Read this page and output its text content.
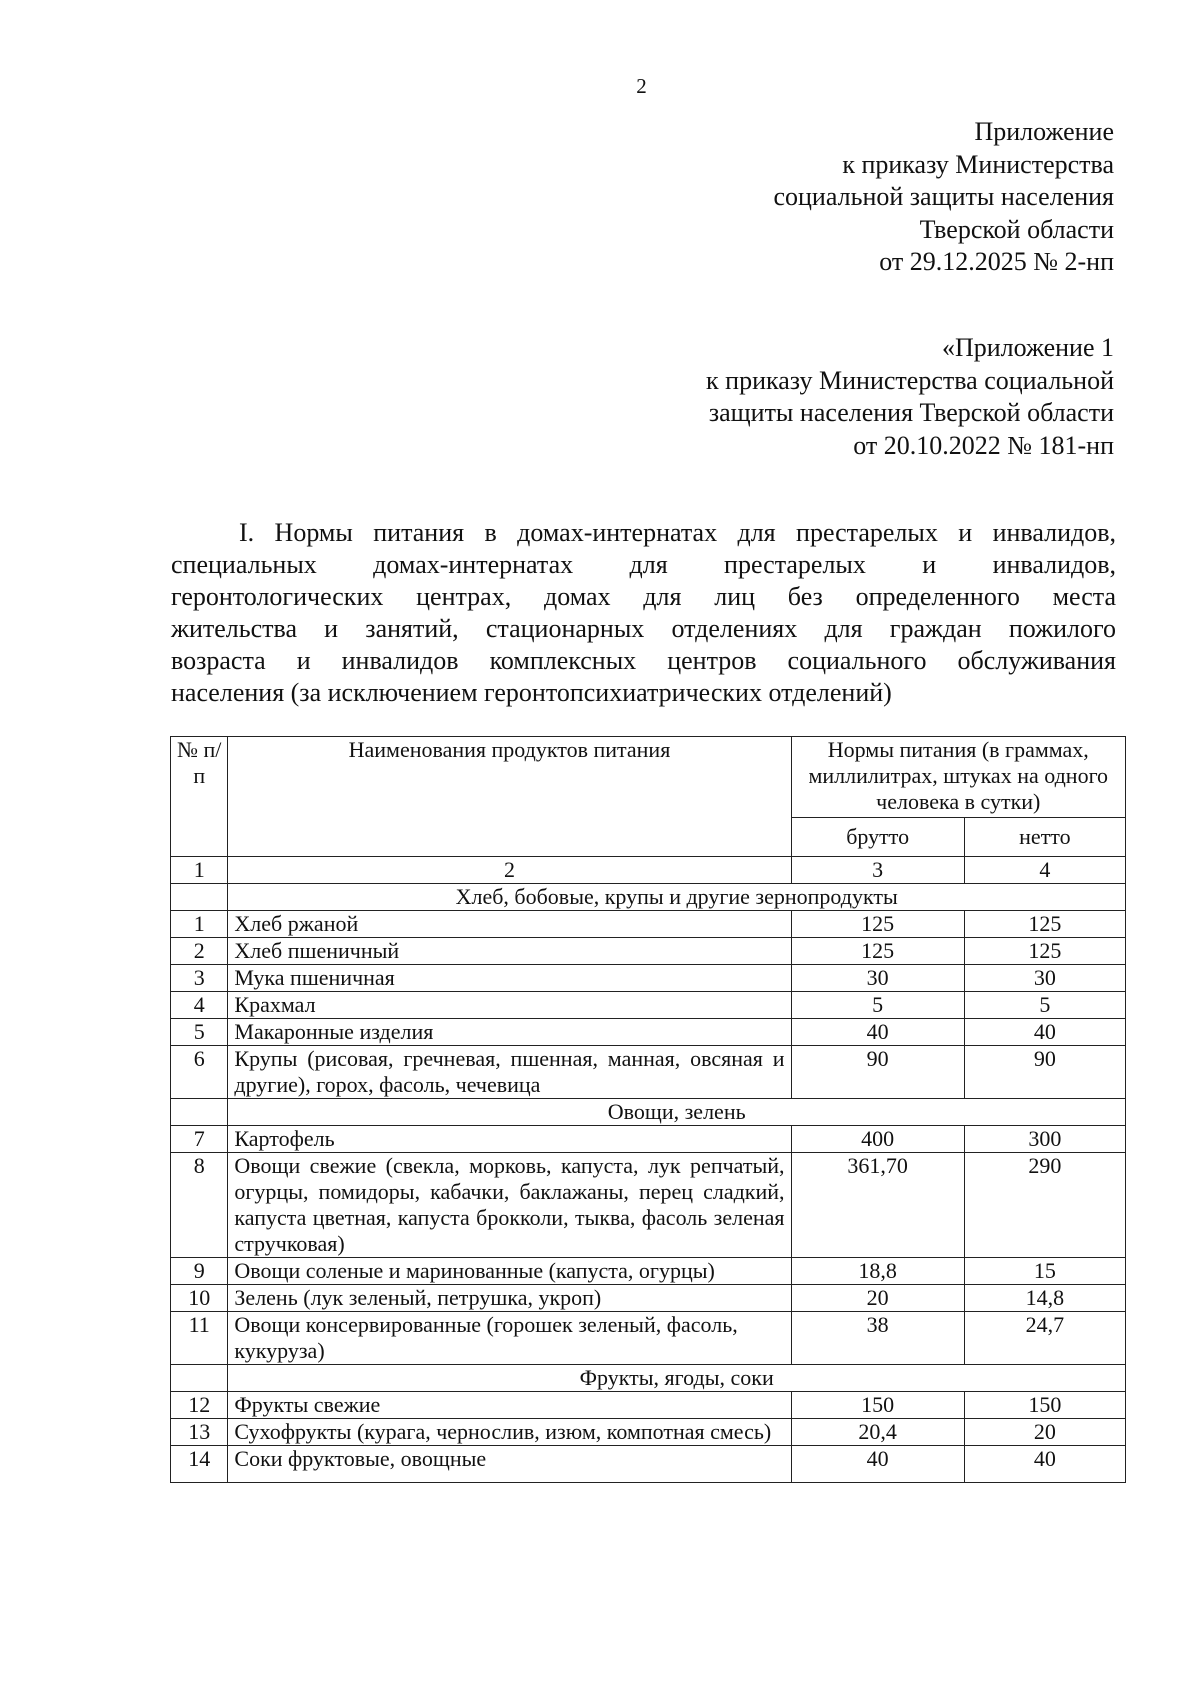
2
Приложение
к приказу Министерства
социальной защиты населения
Тверской области
от 29.12.2025 № 2-нп
«Приложение 1
к приказу Министерства социальной
защиты населения Тверской области
от 20.10.2022 № 181-нп
I. Нормы питания в домах-интернатах для престарелых и инвалидов,
специальных домах-интернатах для престарелых и инвалидов,
геронтологических центрах, домах для лиц без определенного места
жительства и занятий, стационарных отделениях для граждан пожилого
возраста и инвалидов комплексных центров социального обслуживания
населения (за исключением геронтопсихиатрических отделений)
№ п/п	Наименования продуктов питания	Нормы питания (в граммах, миллилитрах, штуках на одного человека в сутки)	
		брутто	нетто
1	2	3	4
	Хлеб, бобовые, крупы и другие зернопродукты		
1	Хлеб ржаной	125	125
2	Хлеб пшеничный	125	125
3	Мука пшеничная	30	30
4	Крахмал	5	5
5	Макаронные изделия	40	40
6	Крупы (рисовая, гречневая, пшенная, манная, овсяная и другие), горох, фасоль, чечевица	90	90
	Овощи, зелень		
7	Картофель	400	300
8	Овощи свежие (свекла, морковь, капуста, лук репчатый, огурцы, помидоры, кабачки, баклажаны, перец сладкий, капуста цветная, капуста брокколи, тыква, фасоль зеленая стручковая)	361,70	290
9	Овощи соленые и маринованные (капуста, огурцы)	18,8	15
10	Зелень (лук зеленый, петрушка, укроп)	20	14,8
11	Овощи консервированные (горошек зеленый, фасоль, кукуруза)	38	24,7
	Фрукты, ягоды, соки		
12	Фрукты свежие	150	150
13	Сухофрукты (курага, чернослив, изюм, компотная смесь)	20,4	20
14	Соки фруктовые, овощные	40	40
